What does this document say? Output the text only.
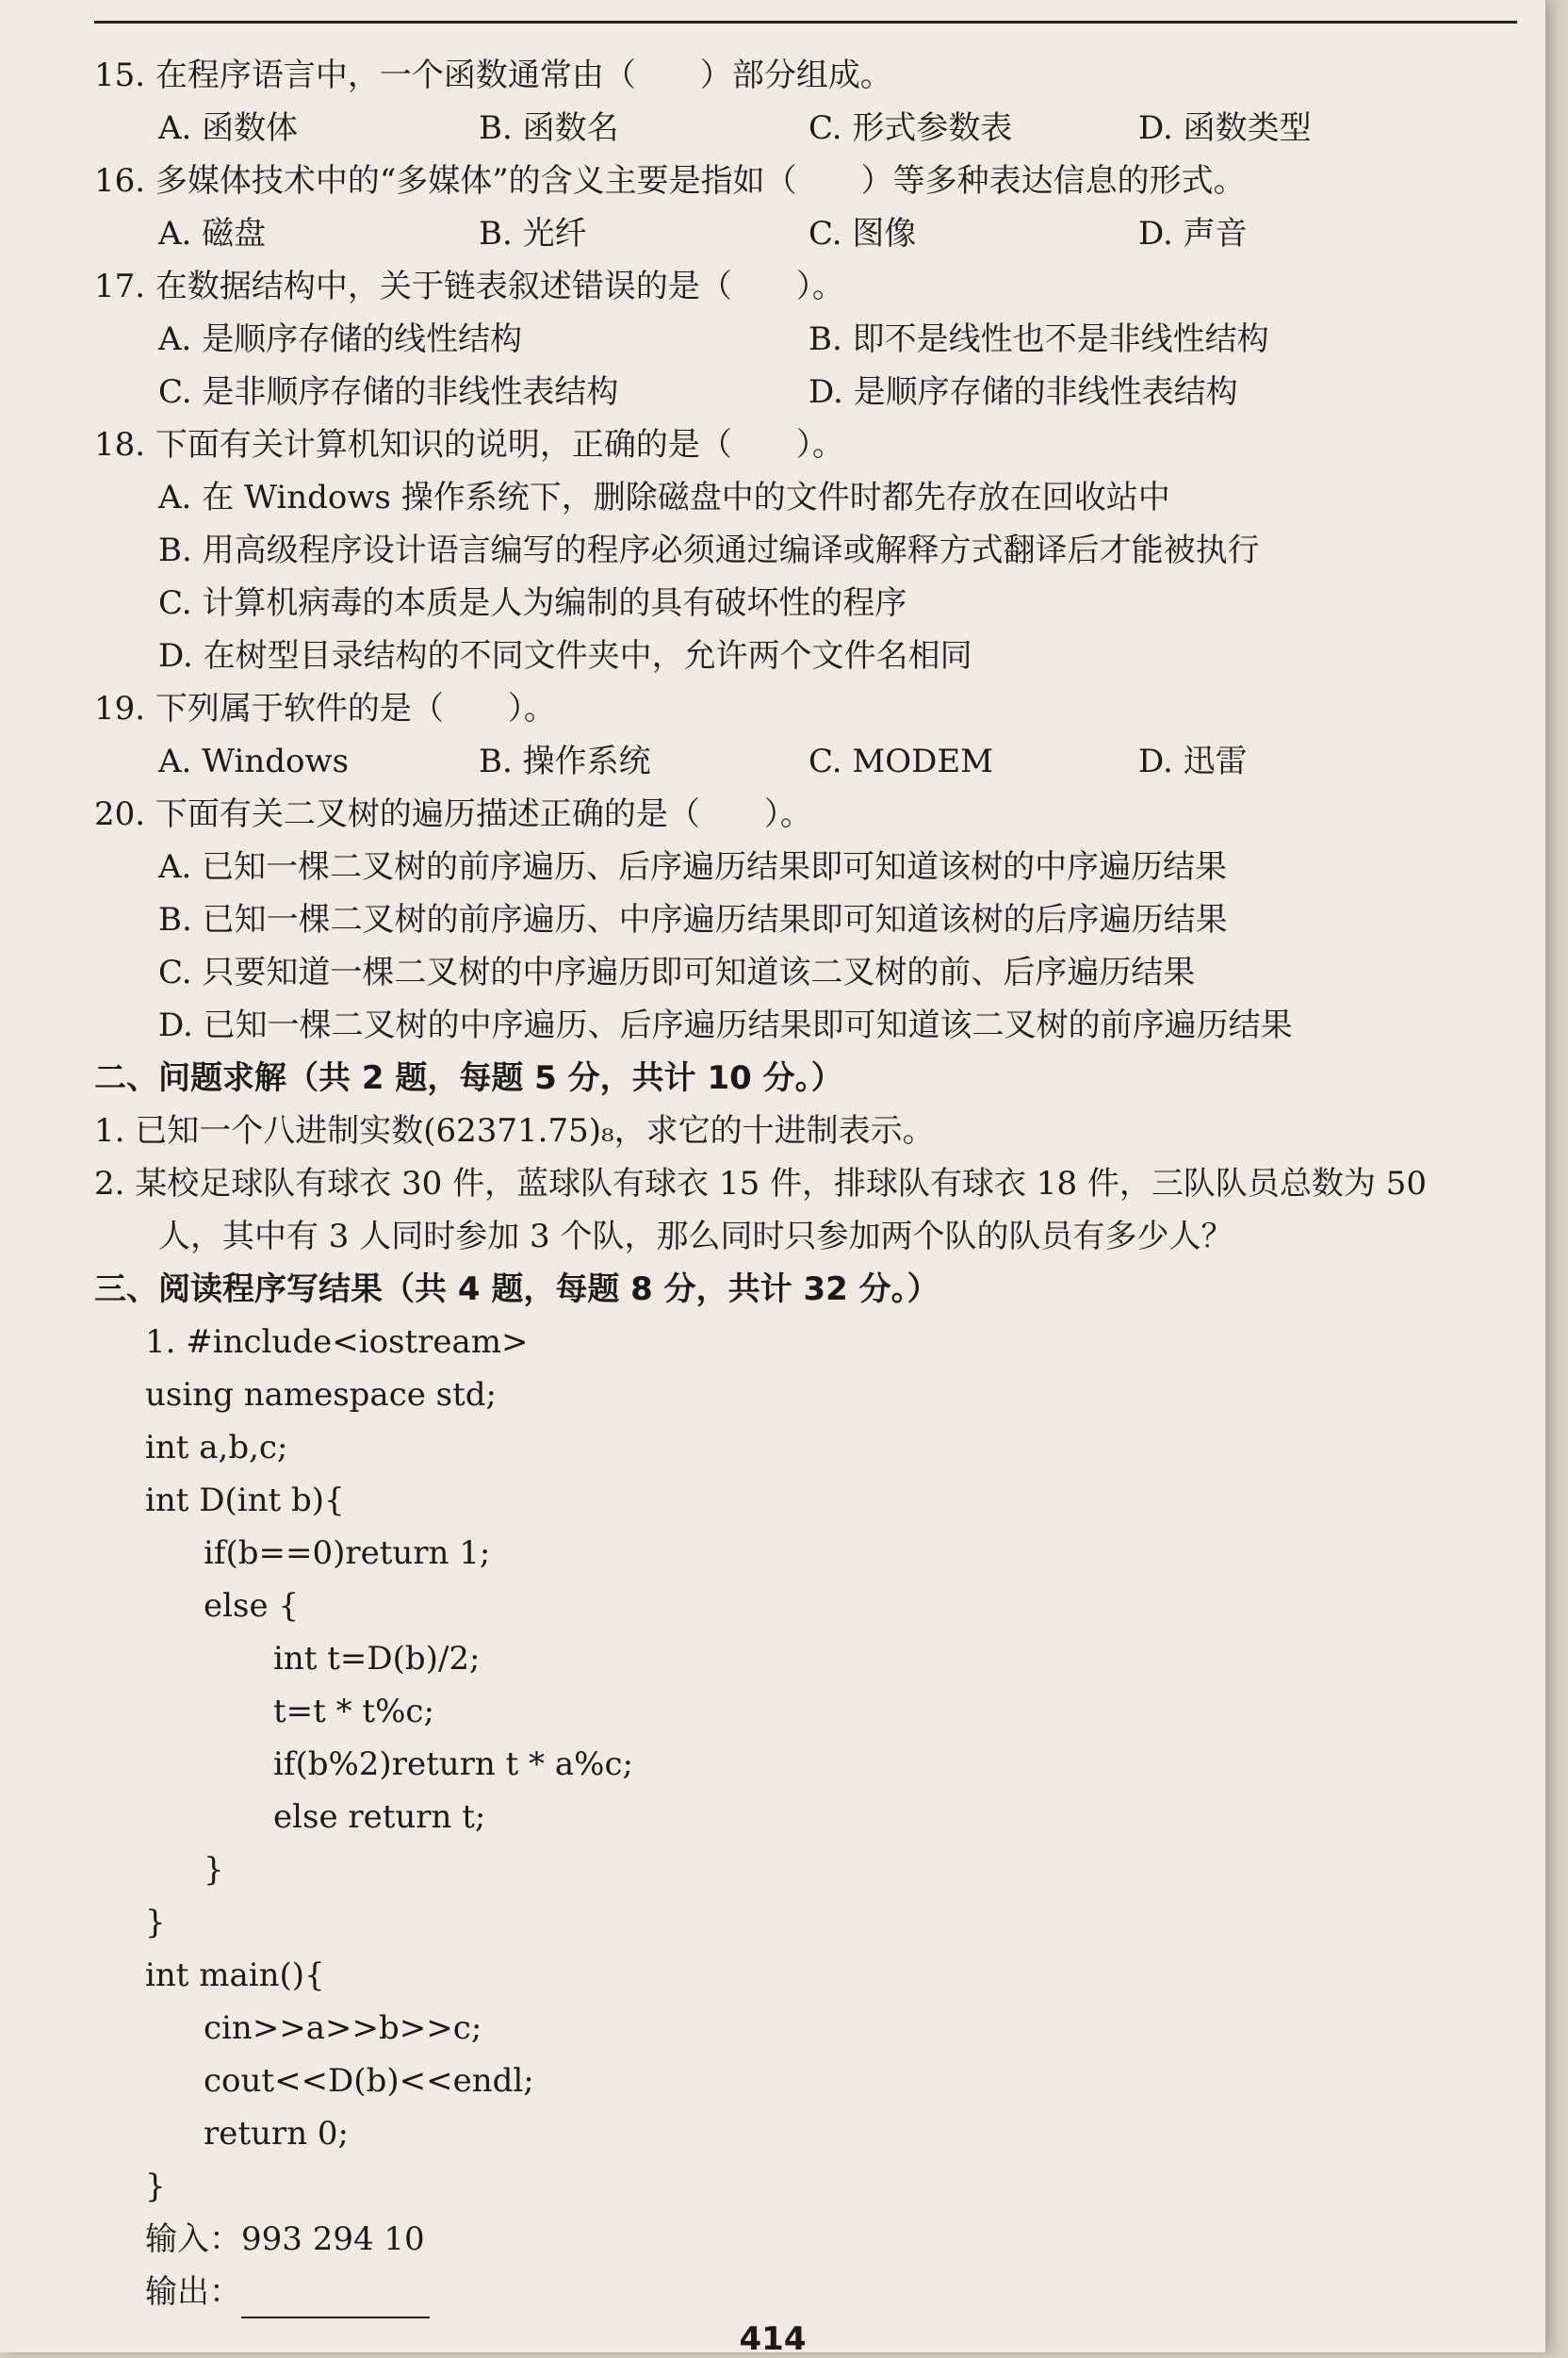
15. 在程序语言中，一个函数通常由（　　）部分组成。

A. 函数体	B. 函数名	C. 形式参数表	D. 函数类型

16. 多媒体技术中的“多媒体”的含义主要是指如（　　）等多种表达信息的形式。

A. 磁盘	B. 光纤	C. 图像	D. 声音

17. 在数据结构中，关于链表叙述错误的是（　　）。

A. 是顺序存储的线性结构	B. 即不是线性也不是非线性结构
C. 是非顺序存储的非线性表结构	D. 是顺序存储的非线性表结构

18. 下面有关计算机知识的说明，正确的是（　　）。

A. 在 Windows 操作系统下，删除磁盘中的文件时都先存放在回收站中
B. 用高级程序设计语言编写的程序必须通过编译或解释方式翻译后才能被执行
C. 计算机病毒的本质是人为编制的具有破坏性的程序
D. 在树型目录结构的不同文件夹中，允许两个文件名相同

19. 下列属于软件的是（　　）。

A. Windows	B. 操作系统	C. MODEM	D. 迅雷

20. 下面有关二叉树的遍历描述正确的是（　　）。

A. 已知一棵二叉树的前序遍历、后序遍历结果即可知道该树的中序遍历结果
B. 已知一棵二叉树的前序遍历、中序遍历结果即可知道该树的后序遍历结果
C. 只要知道一棵二叉树的中序遍历即可知道该二叉树的前、后序遍历结果
D. 已知一棵二叉树的中序遍历、后序遍历结果即可知道该二叉树的前序遍历结果

二、问题求解（共 2 题，每题 5 分，共计 10 分。）

1. 已知一个八进制实数(62371.75)₈，求它的十进制表示。

2. 某校足球队有球衣 30 件，蓝球队有球衣 15 件，排球队有球衣 18 件，三队队员总数为 50

人，其中有 3 人同时参加 3 个队，那么同时只参加两个队的队员有多少人？

三、阅读程序写结果（共 4 题，每题 8 分，共计 32 分。）

1. #include<iostream>
using namespace std;
int a,b,c;
int D(int b){
if(b==0)return 1;
else {
int t=D(b)/2;
t=t * t%c;
if(b%2)return t * a%c;
else return t;
}
}
int main(){
cin>>a>>b>>c;
cout<<D(b)<<endl;
return 0;
}
输入：993 294 10
输出：
414
